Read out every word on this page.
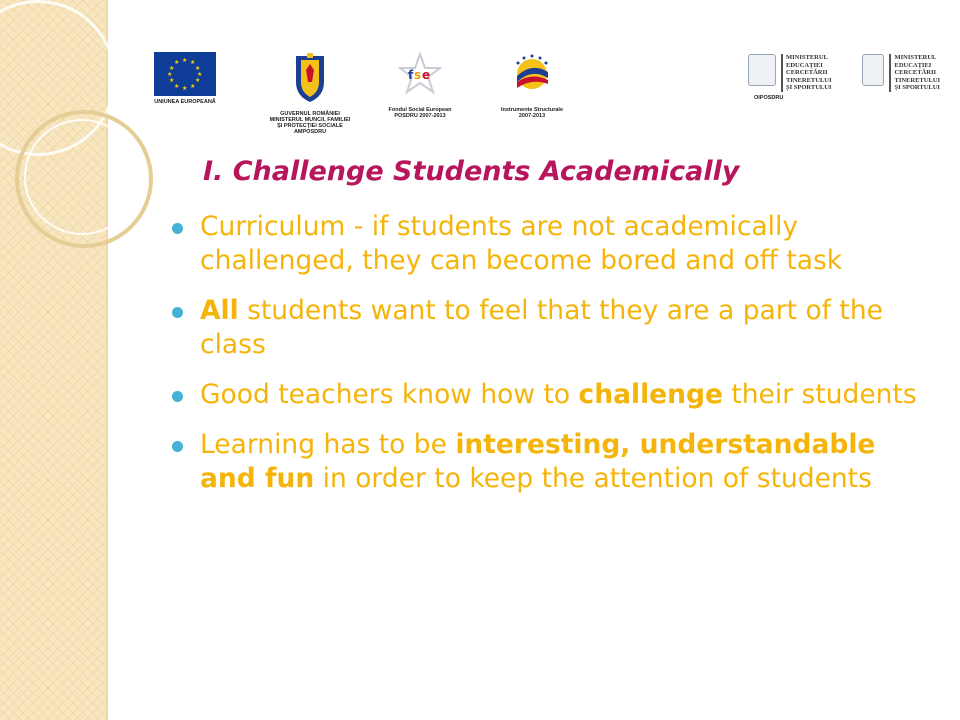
★ ★
★
★
★
★
★
★
★
★
★
★
UNIUNEA EUROPEANĂ
GUVERNUL ROMÂNIEI
MINISTERUL MUNCII, FAMILIEI
ȘI PROTECȚIEI SOCIALE
AMPOSDRU
f s e
Fondul Social European
POSDRU 2007-2013
Instrumente Structurale
2007-2013
MINISTERUL
EDUCAȚIEI
CERCETĂRII
TINERETULUI
ȘI SPORTULUI
OIPOSDRU
MINISTERUL
EDUCAȚIEI
CERCETĂRII
TINERETULUI
ȘI SPORTULUI
I. Challenge Students Academically
Curriculum - if students are not academically challenged, they can become bored and off task
All students want to feel that they are a part of the class
Good teachers know how to challenge their students
Learning has to be interesting, understandable and fun in order to keep the attention of students
